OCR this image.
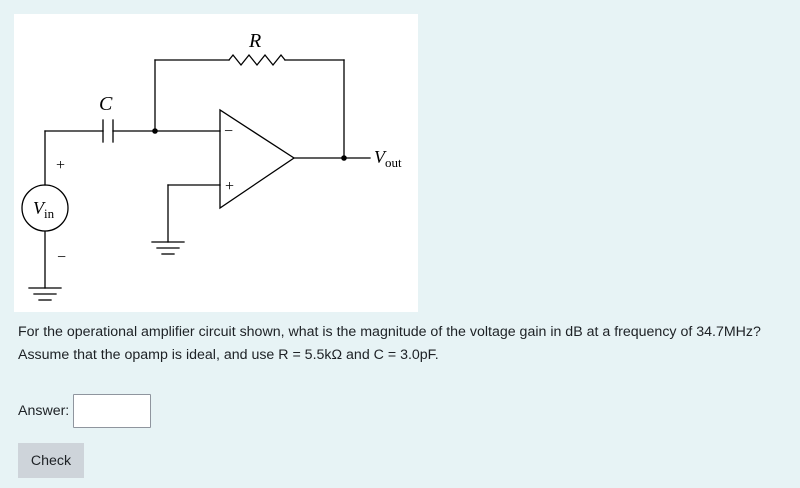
R
C
−
+
+
−
$V_{in}$
$V_{out}$

For the operational amplifier circuit shown, what is the magnitude of the voltage gain in dB at a frequency of 34.7MHz? Assume that the opamp is ideal, and use R = 5.5kΩ and C = 3.0pF.

Answer:
Check
